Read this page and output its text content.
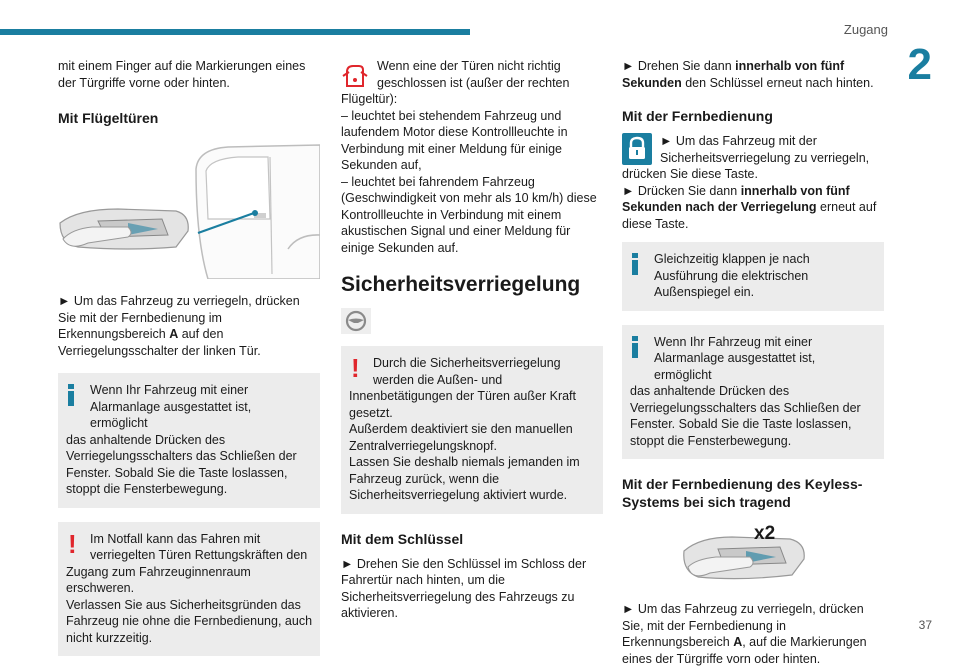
Zugang
2
37

mit einem Finger auf die Markierungen eines der Türgriffe vorne oder hinten.

Mit Flügeltüren

► Um das Fahrzeug zu verriegeln, drücken Sie mit der Fernbedienung im Erkennungsbereich A auf den Verriegelungsschalter der linken Tür.

Wenn Ihr Fahrzeug mit einer Alarmanlage ausgestattet ist, ermöglicht

das anhaltende Drücken des Verriegelungsschalters das Schließen der Fenster. Sobald Sie die Taste loslassen, stoppt die Fensterbewegung.

!	Im Notfall kann das Fahren mit verriegelten Türen Rettungskräften den

Zugang zum Fahrzeuginnenraum erschweren.

Verlassen Sie aus Sicherheitsgründen das Fahrzeug nie ohne die Fernbedienung, auch nicht kurzzeitig.

Wenn eine der Türen nicht richtig geschlossen ist (außer der rechten

Flügeltür):

– leuchtet bei stehendem Fahrzeug und laufendem Motor diese Kontrollleuchte in Verbindung mit einer Meldung für einige Sekunden auf,

– leuchtet bei fahrendem Fahrzeug (Geschwindigkeit von mehr als 10 km/h) diese Kontrollleuchte in Verbindung mit einem akustischen Signal und einer Meldung für einige Sekunden auf.

Sicherheitsverriegelung
!	Durch die Sicherheitsverriegelung werden die Außen- und

Innenbetätigungen der Türen außer Kraft gesetzt.

Außerdem deaktiviert sie den manuellen Zentralverriegelungsknopf.

Lassen Sie deshalb niemals jemanden im Fahrzeug zurück, wenn die Sicherheitsverriegelung aktiviert wurde.

Mit dem Schlüssel

► Drehen Sie den Schlüssel im Schloss der Fahrertür nach hinten, um die Sicherheitsverriegelung des Fahrzeugs zu aktivieren.

► Drehen Sie dann innerhalb von fünf Sekunden den Schlüssel erneut nach hinten.

Mit der Fernbedienung

► Um das Fahrzeug mit der Sicherheitsverriegelung zu verriegeln,

drücken Sie diese Taste.

► Drücken Sie dann innerhalb von fünf Sekunden nach der Verriegelung erneut auf diese Taste.

Gleichzeitig klappen je nach Ausführung die elektrischen Außenspiegel ein.

Wenn Ihr Fahrzeug mit einer Alarmanlage ausgestattet ist, ermöglicht

das anhaltende Drücken des Verriegelungsschalters das Schließen der Fenster. Sobald Sie die Taste loslassen, stoppt die Fensterbewegung.

Mit der Fernbedienung des Keyless-Systems bei sich tragend
x2

► Um das Fahrzeug zu verriegeln, drücken Sie, mit der Fernbedienung in Erkennungsbereich A, auf die Markierungen eines der Türgriffe vorn oder hinten.
